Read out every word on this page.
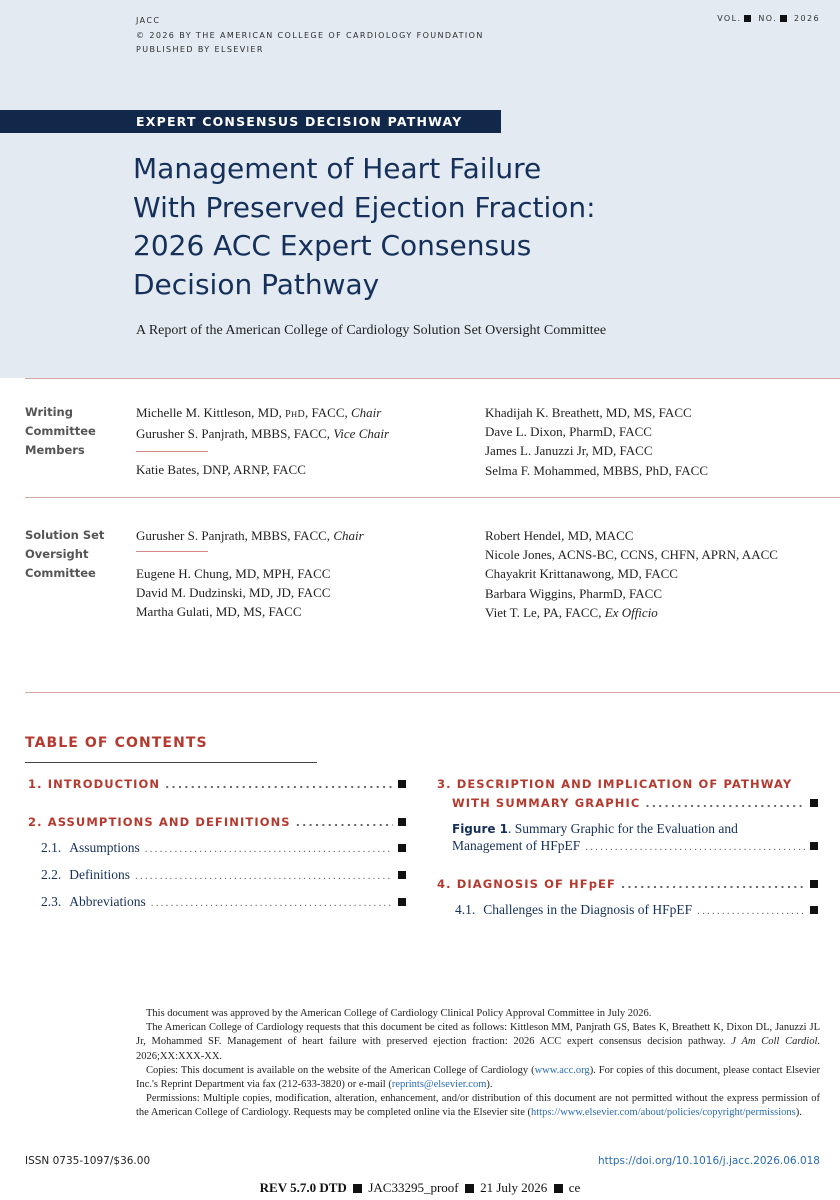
JACC
© 2026 BY THE AMERICAN COLLEGE OF CARDIOLOGY FOUNDATION
PUBLISHED BY ELSEVIER
VOL. NO. 2026
EXPERT CONSENSUS DECISION PATHWAY
Management of Heart Failure
With Preserved Ejection Fraction:
2026 ACC Expert Consensus
Decision Pathway
A Report of the American College of Cardiology Solution Set Oversight Committee
Writing
Committee
Members
Michelle M. Kittleson, MD, PHD, FACC, Chair
Gurusher S. Panjrath, MBBS, FACC, Vice Chair
Katie Bates, DNP, ARNP, FACC
Khadijah K. Breathett, MD, MS, FACC
Dave L. Dixon, PharmD, FACC
James L. Januzzi Jr, MD, FACC
Selma F. Mohammed, MBBS, PhD, FACC
Solution Set
Oversight
Committee
Gurusher S. Panjrath, MBBS, FACC, Chair
Eugene H. Chung, MD, MPH, FACC
David M. Dudzinski, MD, JD, FACC
Martha Gulati, MD, MS, FACC
Robert Hendel, MD, MACC
Nicole Jones, ACNS-BC, CCNS, CHFN, APRN, AACC
Chayakrit Krittanawong, MD, FACC
Barbara Wiggins, PharmD, FACC
Viet T. Le, PA, FACC, Ex Officio
TABLE OF CONTENTS
1.
INTRODUCTION
.....
2.
ASSUMPTIONS AND DEFINITIONS
.....
2.1. Assumptions
.....
2.2. Definitions
.....
2.3. Abbreviations
.....
3. DESCRIPTION AND IMPLICATION OF PATHWAY
WITH SUMMARY GRAPHIC
.....
Figure 1. Summary Graphic for the Evaluation and
Management of HFpEF
.....
4.
DIAGNOSIS OF HFpEF
.....
4.1. Challenges in the Diagnosis of HFpEF
.....

This document was approved by the American College of Cardiology Clinical Policy Approval Committee in July 2026.

The American College of Cardiology requests that this document be cited as follows: Kittleson MM, Panjrath GS, Bates K, Breathett K, Dixon DL, Januzzi JL Jr, Mohammed SF. Management of heart failure with preserved ejection fraction: 2026 ACC expert consensus decision pathway. J Am Coll Cardiol. 2026;XX:XXX-XX.

Copies: This document is available on the website of the American College of Cardiology (www.acc.org). For copies of this document, please contact Elsevier Inc.'s Reprint Department via fax (212-633-3820) or e-mail (reprints@elsevier.com).

Permissions: Multiple copies, modification, alteration, enhancement, and/or distribution of this document are not permitted without the express permission of the American College of Cardiology. Requests may be completed online via the Elsevier site (https://www.elsevier.com/about/policies/copyright/permissions).

ISSN 0735-1097/$36.00	https://doi.org/10.1016/j.jacc.2026.06.018
REV 5.7.0 DTD JAC33295_proof 21 July 2026 ce
